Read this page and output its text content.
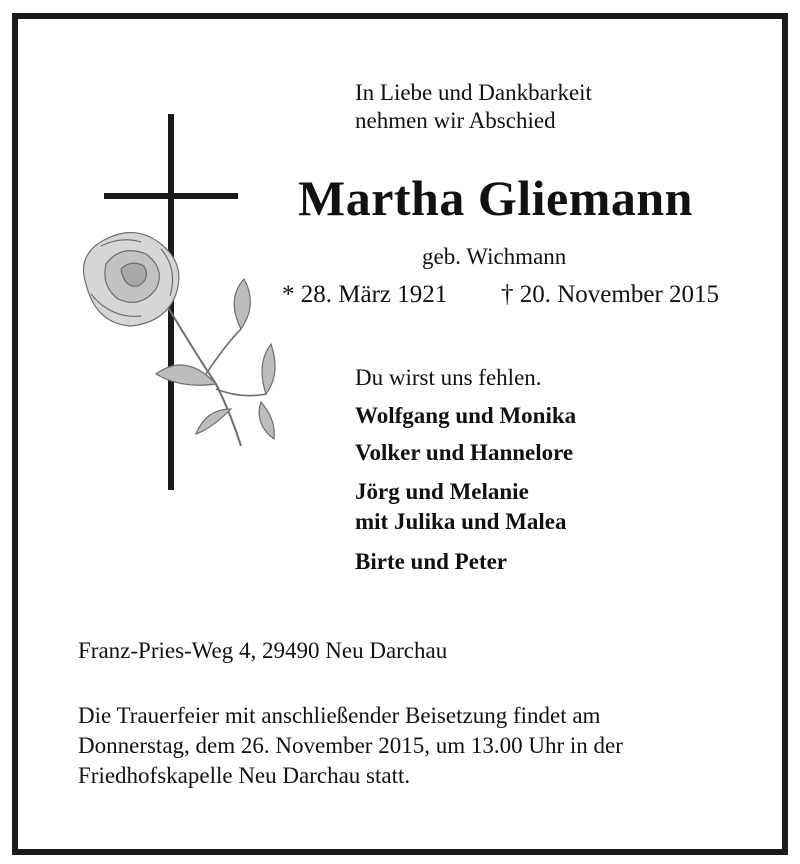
In Liebe und Dankbarkeit

nehmen wir Abschied

Martha Gliemann

geb. Wichmann

* 28. März 1921 † 20. November 2015

Du wirst uns fehlen.

Wolfgang und Monika

Volker und Hannelore

Jörg und Melanie

mit Julika und Malea

Birte und Peter

Franz-Pries-Weg 4, 29490 Neu Darchau

Die Trauerfeier mit anschließender Beisetzung findet am

Donnerstag, dem 26. November 2015, um 13.00 Uhr in der

Friedhofskapelle Neu Darchau statt.
